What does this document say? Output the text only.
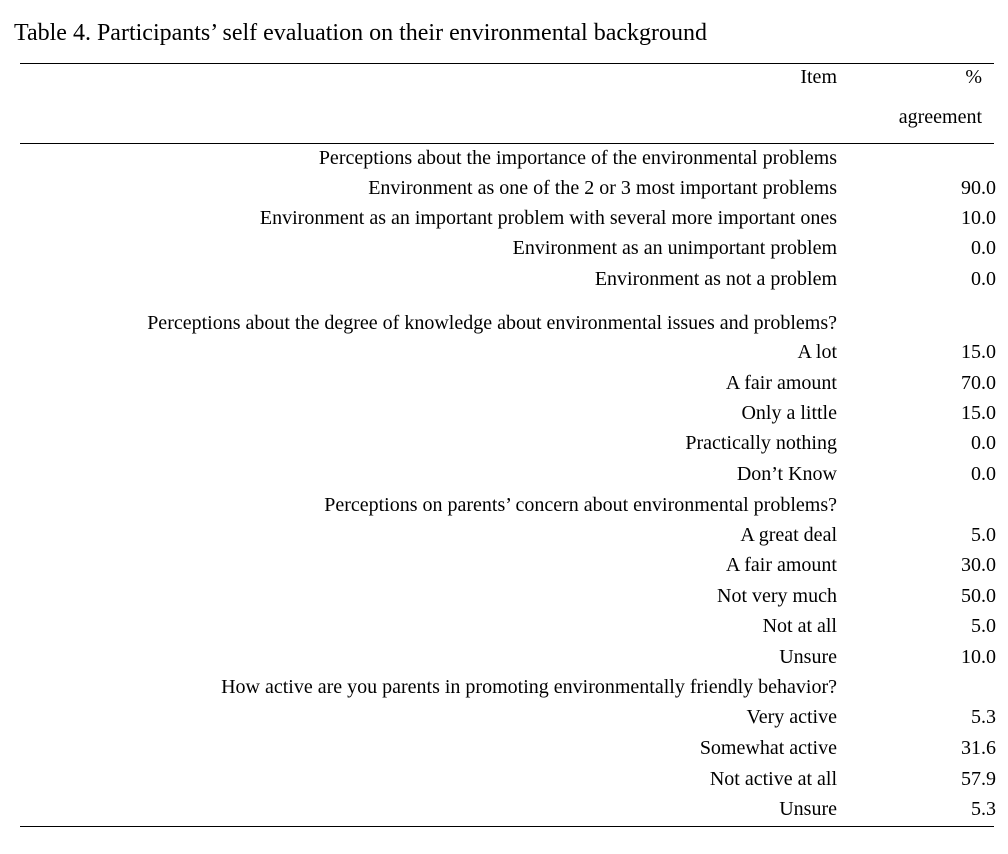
Table 4. Participants’ self evaluation on their environmental background
Item	%
agreement
Perceptions about the importance of the environmental problems
Environment as one of the 2 or 3 most important problems	90.0
Environment as an important problem with several more important ones	10.0
Environment as an unimportant problem	0.0
Environment as not a problem	0.0
Perceptions about the degree of knowledge about environmental issues and problems?
A lot	15.0
A fair amount	70.0
Only a little	15.0
Practically nothing	0.0
Don’t Know	0.0
Perceptions on parents’ concern about environmental problems?
A great deal	5.0
A fair amount	30.0
Not very much	50.0
Not at all	5.0
Unsure	10.0
How active are you parents in promoting environmentally friendly behavior?
Very active	5.3
Somewhat active	31.6
Not active at all	57.9
Unsure	5.3
